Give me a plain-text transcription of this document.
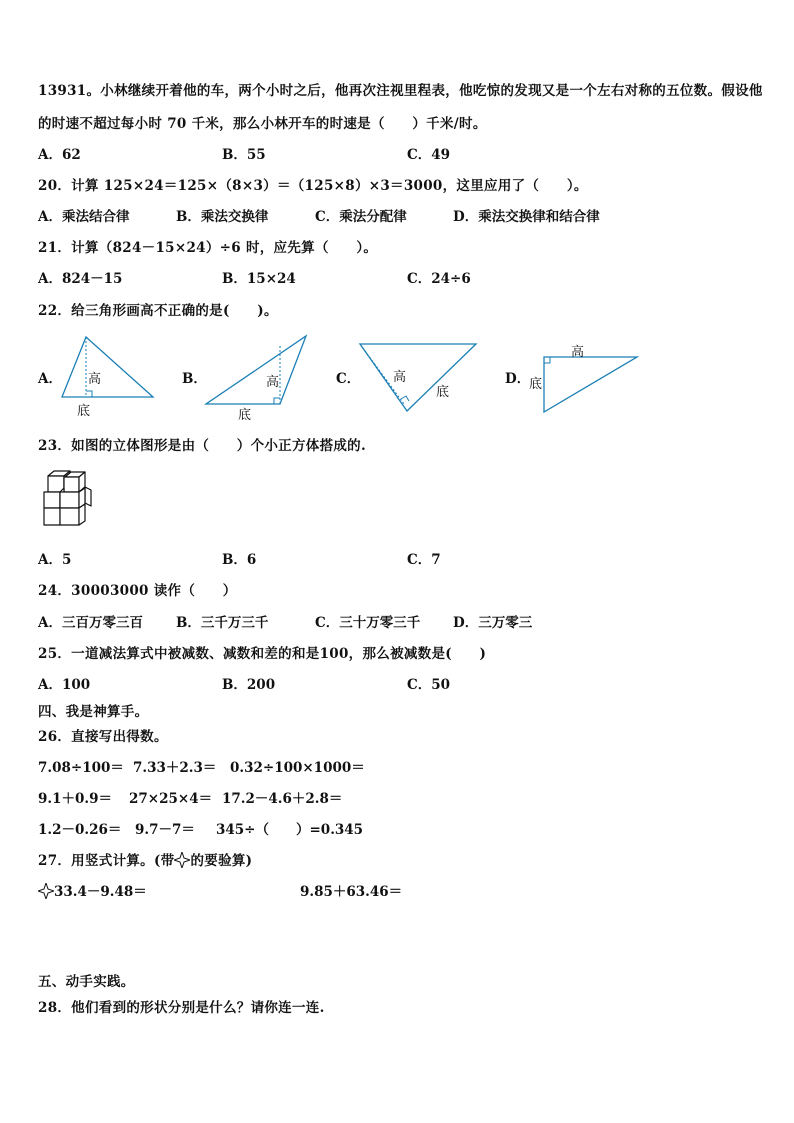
13931。小林继续开着他的车，两个小时之后，他再次注视里程表，他吃惊的发现又是一个左右对称的五位数。假设他
的时速不超过每小时 70 千米，那么小林开车的时速是（　　）千米/时。
A．62	B．55	C．49
20．计算 125×24＝125×（8×3）＝（125×8）×3＝3000，这里应用了（　　）。
A．乘法结合律	B．乘法交换律	C．乘法分配律	D．乘法交换律和结合律
21．计算（824－15×24）÷6 时，应先算（　　）。
A．824－15	B．15×24	C．24÷6
22．给三角形画高不正确的是(　　)。
A．	B．	C．	D．
高
底
高
底
高
底
高
底
23．如图的立体图形是由（　　）个小正方体搭成的.
A．5	B．6	C．7
24．30003000 读作（　　）
A．三百万零三百 B．三千万三千	C．三十万零三千 D．三万零三
25．一道减法算式中被减数、减数和差的和是100，那么被减数是(　　)
A．100	B．200	C．50
四、我是神算手。
26．直接写出得数。
7.08÷100＝ 7.33＋2.3＝ 0.32÷100×1000＝
9.1＋0.9＝ 27×25×4＝ 17.2－4.6＋2.8＝
1.2－0.26＝ 9.7－7＝ 345÷（　　）=0.345
27．用竖式计算。(带 的要验算)
33.4－9.48＝	9.85＋63.46＝
五、动手实践。
28．他们看到的形状分别是什么？请你连一连.
